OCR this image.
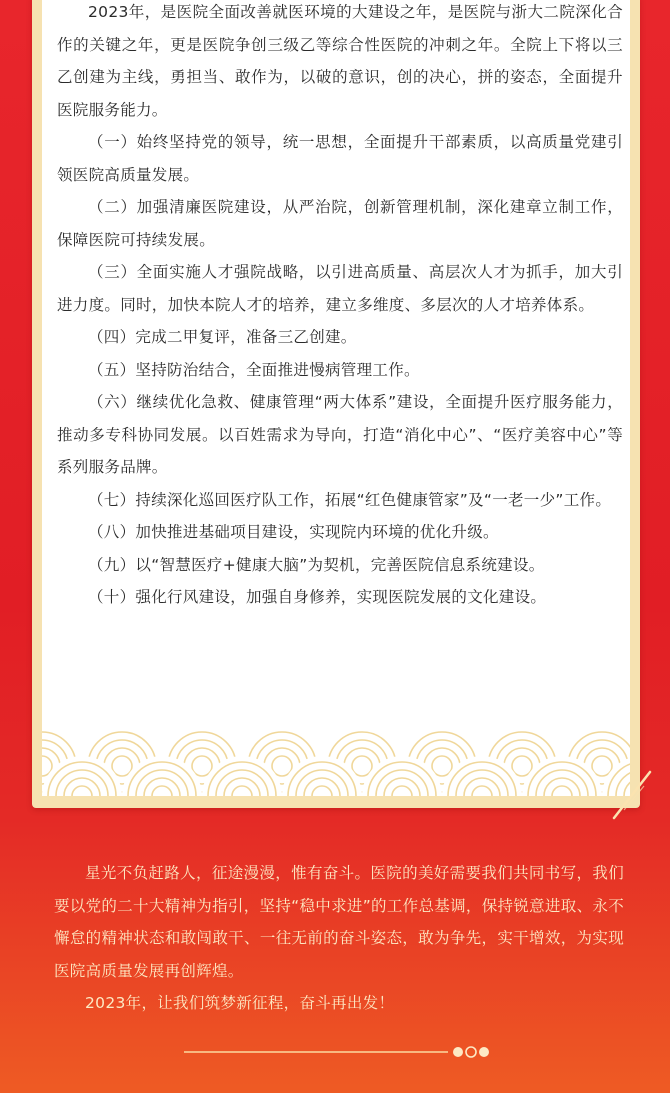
2023年，是医院全面改善就医环境的大建设之年，是医院与浙大二院深化合作的关键之年，更是医院争创三级乙等综合性医院的冲刺之年。全院上下将以三乙创建为主线，勇担当、敢作为，以破的意识，创的决心，拼的姿态，全面提升医院服务能力。

（一）始终坚持党的领导，统一思想，全面提升干部素质，以高质量党建引领医院高质量发展。

（二）加强清廉医院建设，从严治院，创新管理机制，深化建章立制工作，保障医院可持续发展。

（三）全面实施人才强院战略，以引进高质量、高层次人才为抓手，加大引进力度。同时，加快本院人才的培养，建立多维度、多层次的人才培养体系。

（四）完成二甲复评，准备三乙创建。

（五）坚持防治结合，全面推进慢病管理工作。

（六）继续优化急救、健康管理“两大体系”建设，全面提升医疗服务能力，推动多专科协同发展。以百姓需求为导向，打造“消化中心”、“医疗美容中心”等系列服务品牌。

（七）持续深化巡回医疗队工作，拓展“红色健康管家”及“一老一少”工作。

（八）加快推进基础项目建设，实现院内环境的优化升级。

（九）以“智慧医疗+健康大脑”为契机，完善医院信息系统建设。

（十）强化行风建设，加强自身修养，实现医院发展的文化建设。

星光不负赶路人，征途漫漫，惟有奋斗。医院的美好需要我们共同书写，我们要以党的二十大精神为指引，坚持“稳中求进”的工作总基调，保持锐意进取、永不懈怠的精神状态和敢闯敢干、一往无前的奋斗姿态，敢为争先，实干增效，为实现医院高质量发展再创辉煌。

2023年，让我们筑梦新征程，奋斗再出发！
